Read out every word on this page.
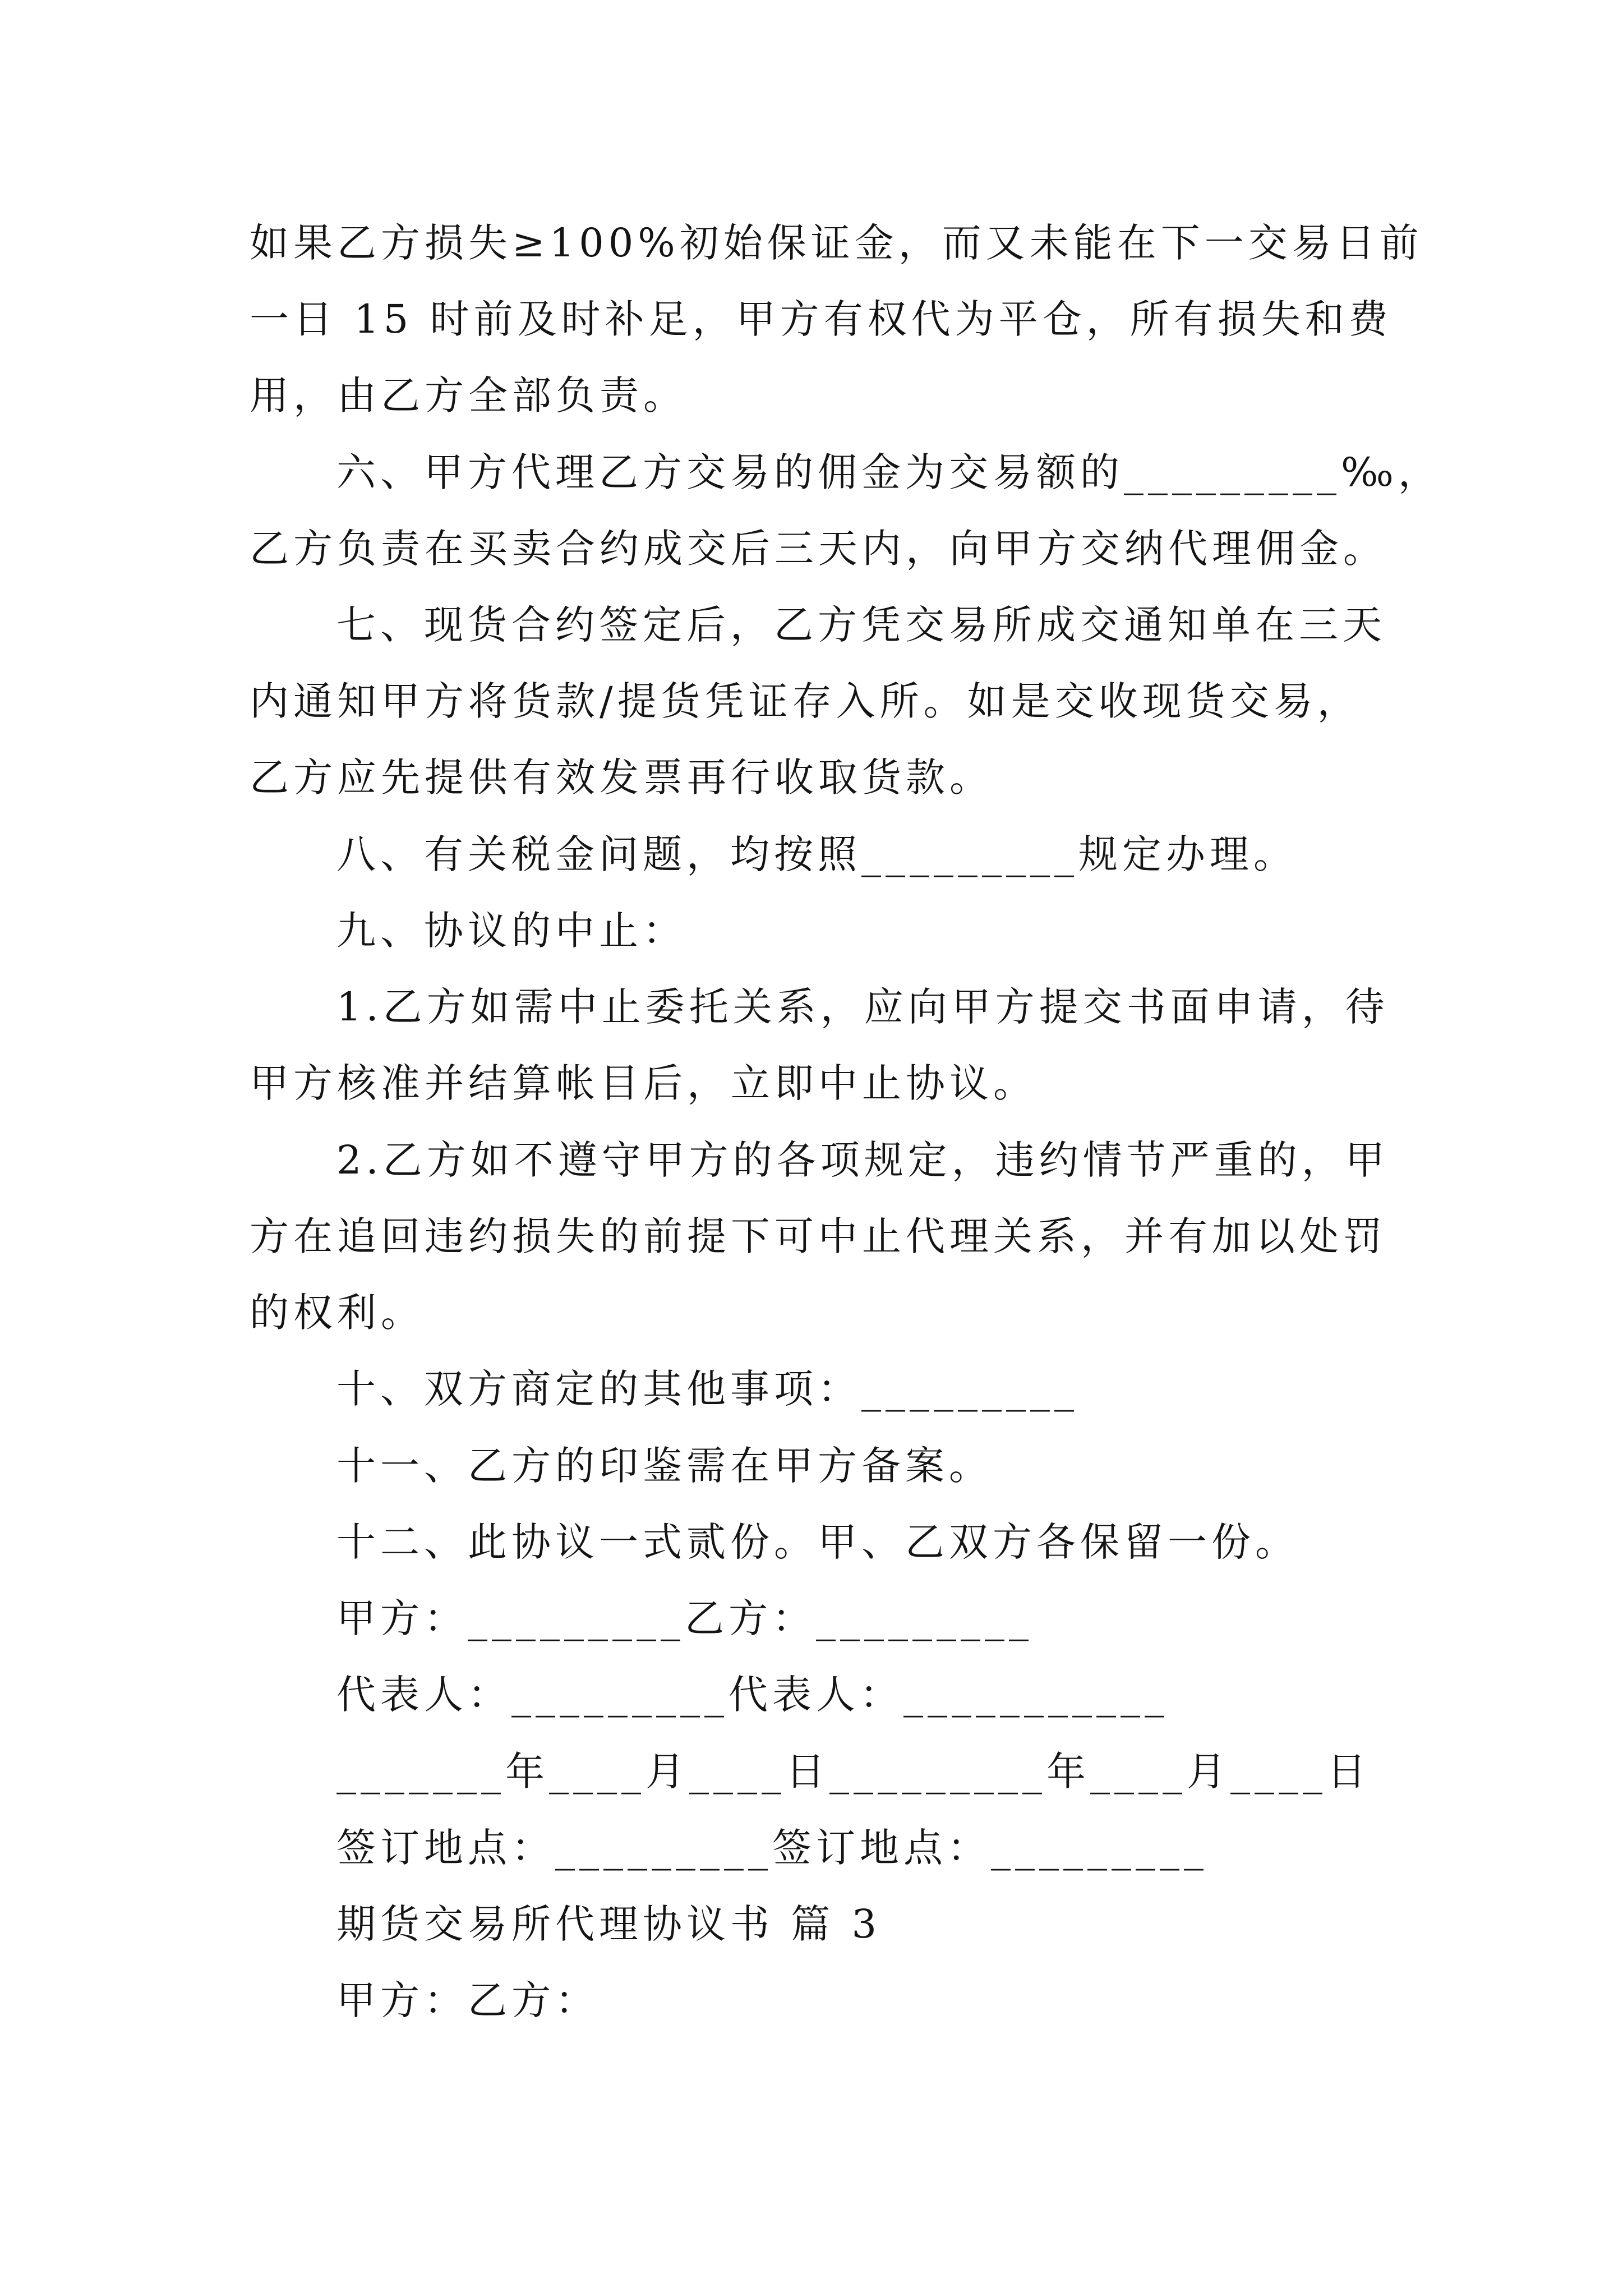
如果乙方损失≥100%初始保证金，而又未能在下一交易日前
一日 15 时前及时补足，甲方有权代为平仓，所有损失和费
用，由乙方全部负责。
六、甲方代理乙方交易的佣金为交易额的_________‰，
乙方负责在买卖合约成交后三天内，向甲方交纳代理佣金。
七、现货合约签定后，乙方凭交易所成交通知单在三天
内通知甲方将货款/提货凭证存入所。如是交收现货交易，
乙方应先提供有效发票再行收取货款。
八、有关税金问题，均按照_________规定办理。
九、协议的中止：
1.乙方如需中止委托关系，应向甲方提交书面申请，待
甲方核准并结算帐目后，立即中止协议。
2.乙方如不遵守甲方的各项规定，违约情节严重的，甲
方在追回违约损失的前提下可中止代理关系，并有加以处罚
的权利。
十、双方商定的其他事项：_________
十一、乙方的印鉴需在甲方备案。
十二、此协议一式贰份。甲、乙双方各保留一份。
甲方：_________乙方：_________
代表人：_________代表人：___________
_______年____月____日_________年____月____日
签订地点：_________签订地点：_________
期货交易所代理协议书 篇 3
甲方：乙方：
